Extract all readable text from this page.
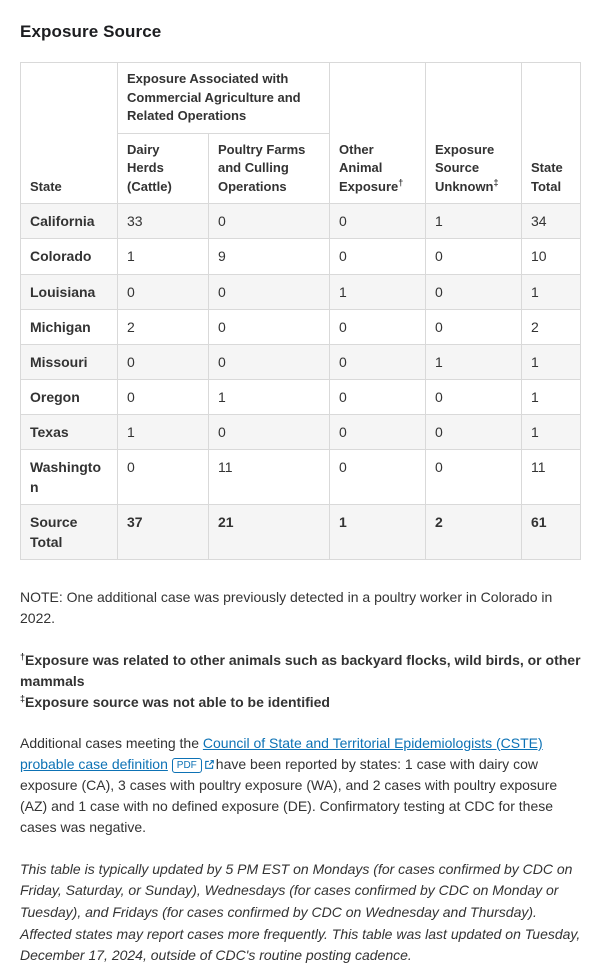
Exposure Source
State	Exposure Associated with Commercial Agriculture and Related Operations		Other Animal Exposure†	Exposure Source Unknown‡	State Total
	Dairy Herds (Cattle)	Poultry Farms and Culling Operations			
California	33	0	0	1	34
Colorado	1	9	0	0	10
Louisiana	0	0	1	0	1
Michigan	2	0	0	0	2
Missouri	0	0	0	1	1
Oregon	0	1	0	0	1
Texas	1	0	0	0	1
Washington	0	11	0	0	11
Source Total	37	21	1	2	61

NOTE: One additional case was previously detected in a poultry worker in Colorado in 2022.

†Exposure was related to other animals such as backyard flocks, wild birds, or other mammals

‡Exposure source was not able to be identified

Additional cases meeting the Council of State and Territorial Epidemiologists (CSTE) probable case definition PDF have been reported by states: 1 case with dairy cow exposure (CA), 3 cases with poultry exposure (WA), and 2 cases with poultry exposure (AZ) and 1 case with no defined exposure (DE). Confirmatory testing at CDC for these cases was negative.

This table is typically updated by 5 PM EST on Mondays (for cases confirmed by CDC on Friday, Saturday, or Sunday), Wednesdays (for cases confirmed by CDC on Monday or Tuesday), and Fridays (for cases confirmed by CDC on Wednesday and Thursday). Affected states may report cases more frequently. This table was last updated on Tuesday, December 17, 2024, outside of CDC's routine posting cadence.
